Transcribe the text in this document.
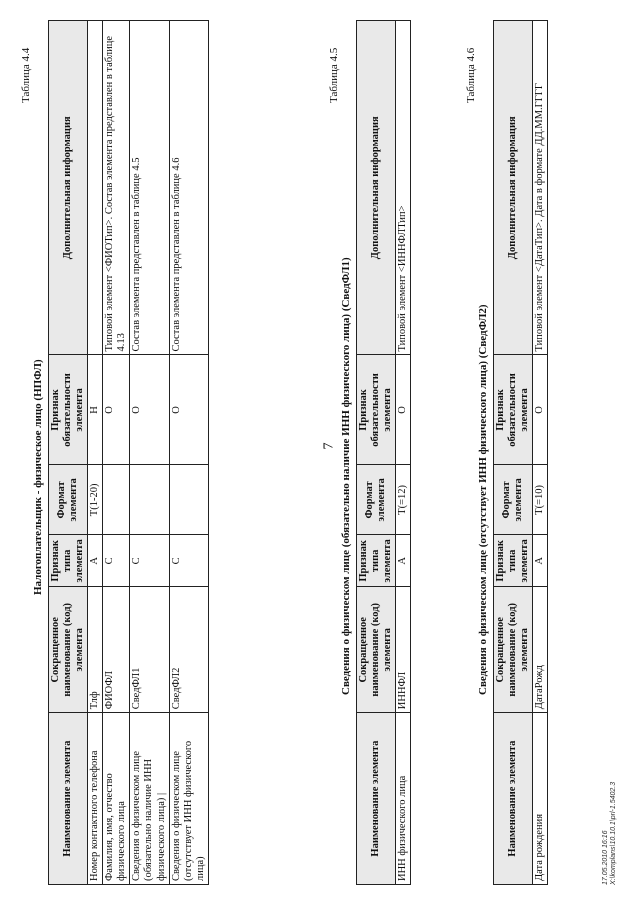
7
Таблица 4.4
Налогоплательщик - физическое лицо (НПФЛ)
Наименование элемента	Сокращенное наименование (код) элемента	Признак типа элемента	Формат элемента	Признак обязательности элемента	Дополнительная информация
Номер контактного телефона	Тлф	А	T(1-20)	Н	
Фамилия, имя, отчество физического лица	ФИОФЛ	С		О	Типовой элемент <ФИОТип>. Состав элемента представлен в таблице 4.13
Сведения о физическом лице (обязательно наличие ИНН физического лица) |	СведФЛ1	С		О	Состав элемента представлен в таблице 4.5
Сведения о физическом лице (отсутствует ИНН физического лица)	СведФЛ2	С		О	Состав элемента представлен в таблице 4.6
Таблица 4.5
Сведения о физическом лице (обязательно наличие ИНН физического лица) (СведФЛ1)
Наименование элемента	Сокращенное наименование (код) элемента	Признак типа элемента	Формат элемента	Признак обязательности элемента	Дополнительная информация
ИНН физического лица	ИННФЛ	А	T(=12)	О	Типовой элемент <ИННФЛТип>
Таблица 4.6
Сведения о физическом лице (отсутствует ИНН физического лица) (СведФЛ2)
Наименование элемента	Сокращенное наименование (код) элемента	Признак типа элемента	Формат элемента	Признак обязательности элемента	Дополнительная информация
Дата рождения	ДатаРожд	А	T(=10)	О	Типовой элемент <ДатаТип>. Дата в формате ДД.ММ.ГГГГ
17.05.2010 16:16 X:\komplans\10.10.1\prl-1.5402.3
